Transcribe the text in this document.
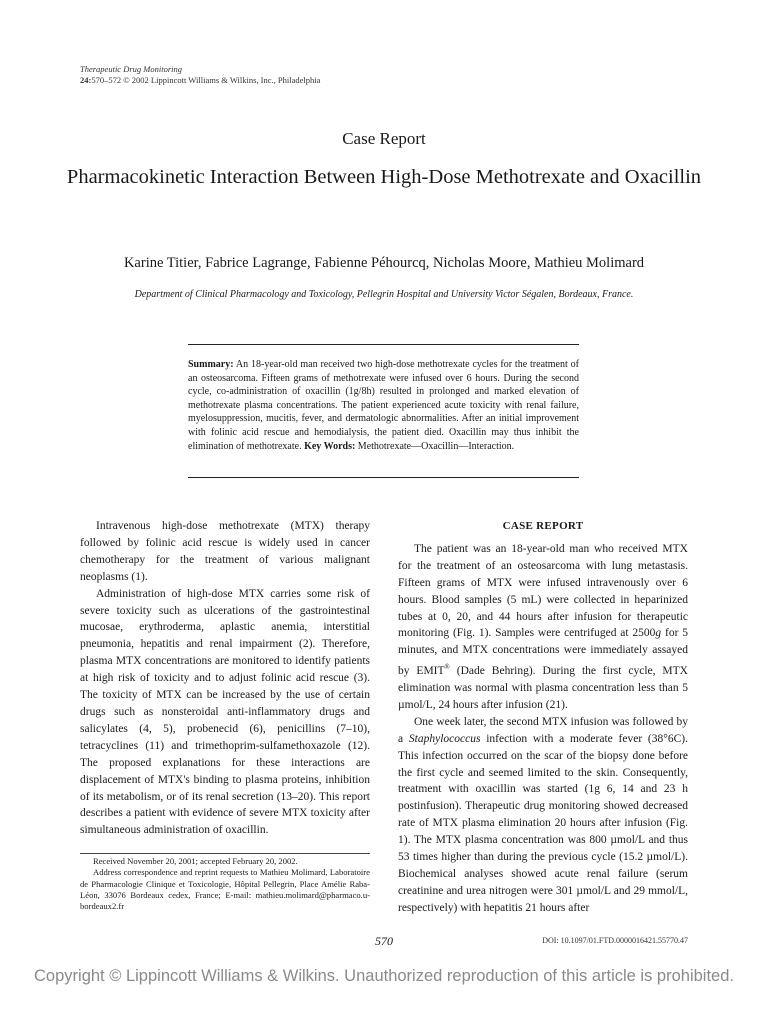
Therapeutic Drug Monitoring
24:570–572 © 2002 Lippincott Williams & Wilkins, Inc., Philadelphia
Case Report
Pharmacokinetic Interaction Between High-Dose Methotrexate and Oxacillin
Karine Titier, Fabrice Lagrange, Fabienne Péhourcq, Nicholas Moore, Mathieu Molimard
Department of Clinical Pharmacology and Toxicology, Pellegrin Hospital and University Victor Ségalen, Bordeaux, France.

Summary: An 18-year-old man received two high-dose methotrexate cycles for the treatment of an osteosarcoma. Fifteen grams of methotrexate were infused over 6 hours. During the second cycle, co-administration of oxacillin (1g/8h) resulted in prolonged and marked elevation of methotrexate plasma concentrations. The patient experienced acute toxicity with renal failure, myelosuppression, mucitis, fever, and dermatologic abnormalities. After an initial improvement with folinic acid rescue and hemodialysis, the patient died. Oxacillin may thus inhibit the elimination of methotrexate. Key Words: Methotrexate—Oxacillin—Interaction.

Intravenous high-dose methotrexate (MTX) therapy followed by folinic acid rescue is widely used in cancer chemotherapy for the treatment of various malignant neoplasms (1).

Administration of high-dose MTX carries some risk of severe toxicity such as ulcerations of the gastrointestinal mucosae, erythroderma, aplastic anemia, interstitial pneumonia, hepatitis and renal impairment (2). Therefore, plasma MTX concentrations are monitored to identify patients at high risk of toxicity and to adjust folinic acid rescue (3). The toxicity of MTX can be increased by the use of certain drugs such as nonsteroidal anti-inflammatory drugs and salicylates (4, 5), probenecid (6), penicillins (7–10), tetracyclines (11) and trimethoprim-sulfamethoxazole (12). The proposed explanations for these interactions are displacement of MTX's binding to plasma proteins, inhibition of its metabolism, or of its renal secretion (13–20). This report describes a patient with evidence of severe MTX toxicity after simultaneous administration of oxacillin.

Received November 20, 2001; accepted February 20, 2002.

Address correspondence and reprint requests to Mathieu Molimard, Laboratoire de Pharmacologie Clinique et Toxicologie, Hôpital Pellegrin, Place Amélie Raba-Léon, 33076 Bordeaux cedex, France; E-mail: mathieu.molimard@pharmaco.u-bordeaux2.fr

CASE REPORT

The patient was an 18-year-old man who received MTX for the treatment of an osteosarcoma with lung metastasis. Fifteen grams of MTX were infused intravenously over 6 hours. Blood samples (5 mL) were collected in heparinized tubes at 0, 20, and 44 hours after infusion for therapeutic monitoring (Fig. 1). Samples were centrifuged at 2500g for 5 minutes, and MTX concentrations were immediately assayed by EMIT® (Dade Behring). During the first cycle, MTX elimination was normal with plasma concentration less than 5 µmol/L, 24 hours after infusion (21).

One week later, the second MTX infusion was followed by a Staphylococcus infection with a moderate fever (38°6C). This infection occurred on the scar of the biopsy done before the first cycle and seemed limited to the skin. Consequently, treatment with oxacillin was started (1g 6, 14 and 23 h postinfusion). Therapeutic drug monitoring showed decreased rate of MTX plasma elimination 20 hours after infusion (Fig. 1). The MTX plasma concentration was 800 µmol/L and thus 53 times higher than during the previous cycle (15.2 µmol/L). Biochemical analyses showed acute renal failure (serum creatinine and urea nitrogen were 301 µmol/L and 29 mmol/L, respectively) with hepatitis 21 hours after

570	DOI: 10.1097/01.FTD.0000016421.55770.47
Copyright © Lippincott Williams & Wilkins. Unauthorized reproduction of this article is prohibited.
